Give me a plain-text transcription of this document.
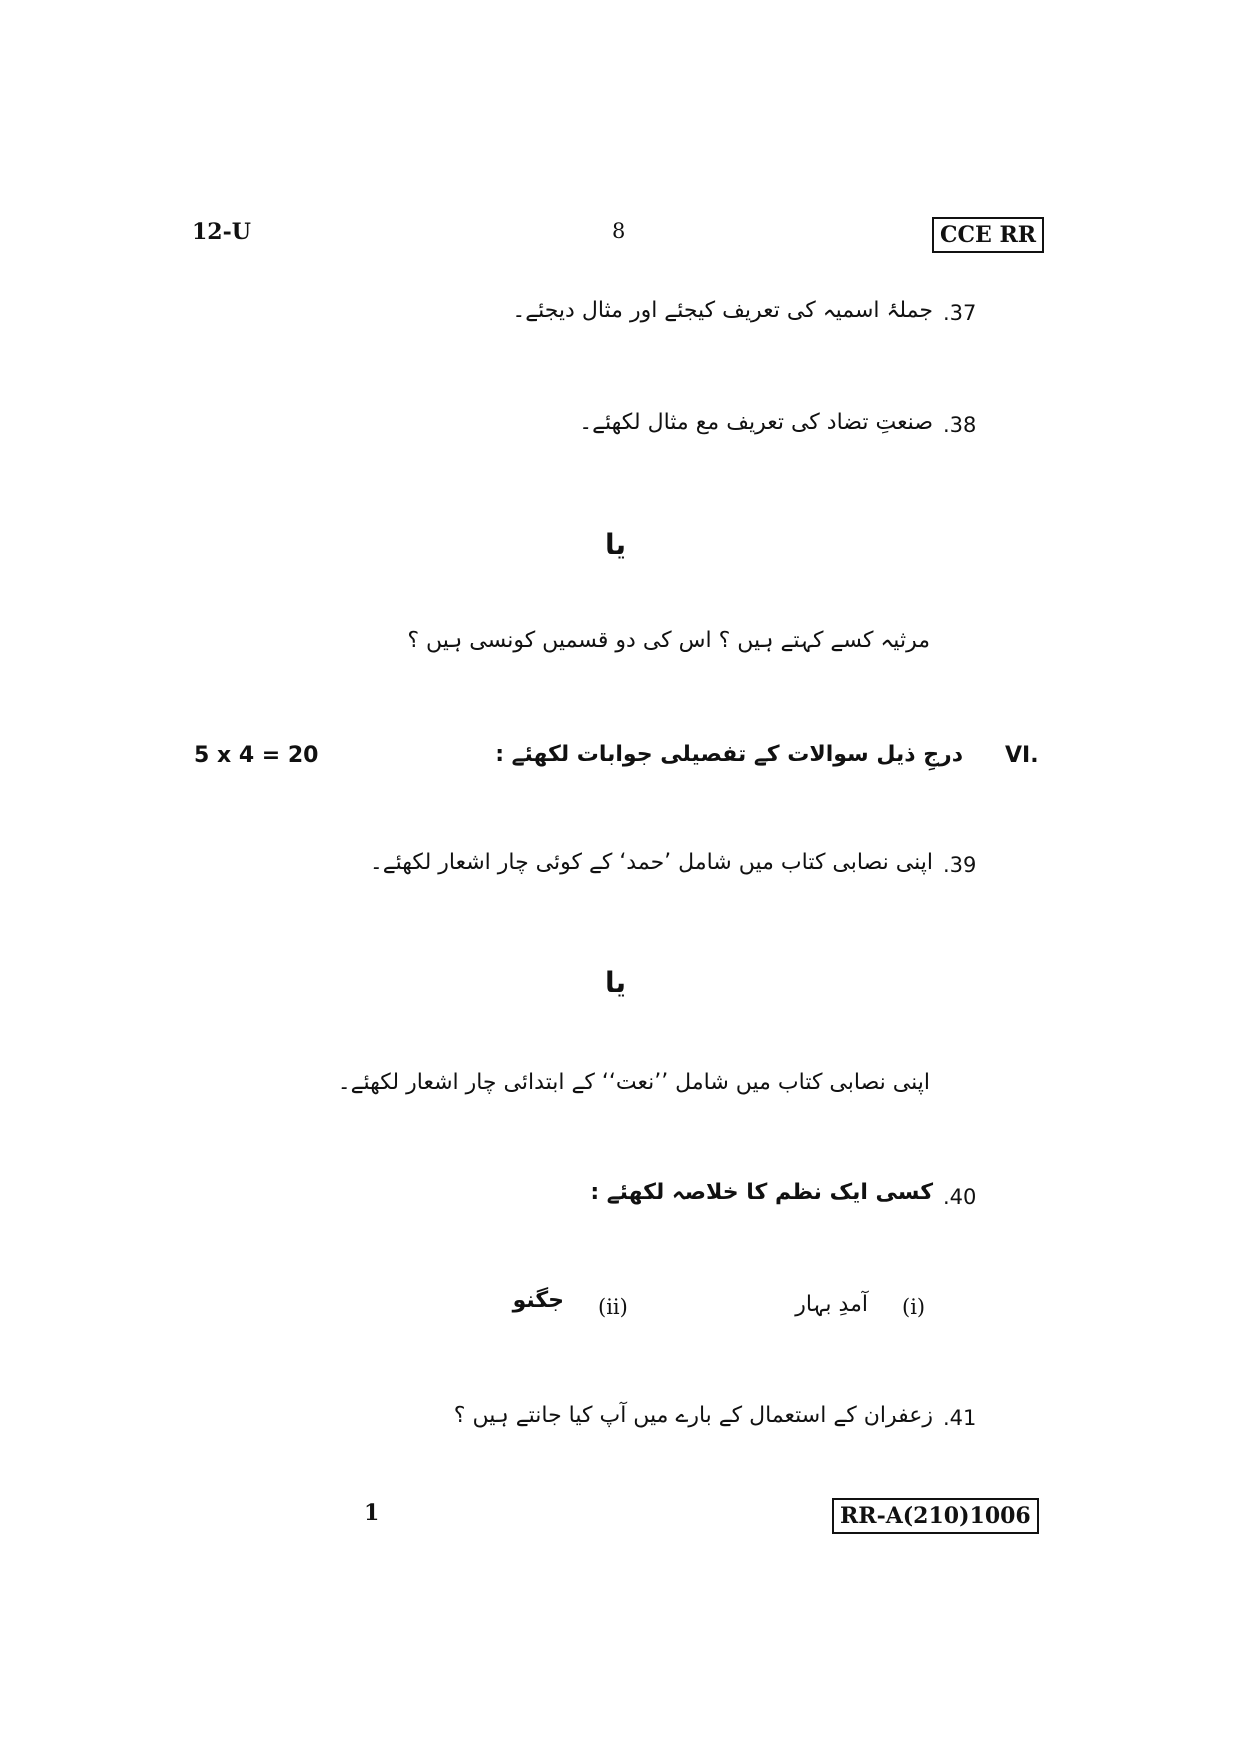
12-U	8	CCE RR
جملۂ اسمیہ کی تعریف کیجئے اور مثال دیجئے۔ .37
صنعتِ تضاد کی تعریف مع مثال لکھئے۔ .38
یا
مرثیہ کسے کہتے ہیں ؟ اس کی دو قسمیں کونسی ہیں ؟
درجِ ذیل سوالات کے تفصیلی جوابات لکھئے : VI.
5 x 4 = 20
اپنی نصابی کتاب میں شامل ’حمد‘ کے کوئی چار اشعار لکھئے۔ .39
یا
اپنی نصابی کتاب میں شامل ’’نعت‘‘ کے ابتدائی چار اشعار لکھئے۔
کسی ایک نظم کا خلاصہ لکھئے : .40
(i)
آمدِ بہار
(ii)
جگنو
زعفران کے استعمال کے بارے میں آپ کیا جانتے ہیں ؟ .41
1	RR-A(210)1006
